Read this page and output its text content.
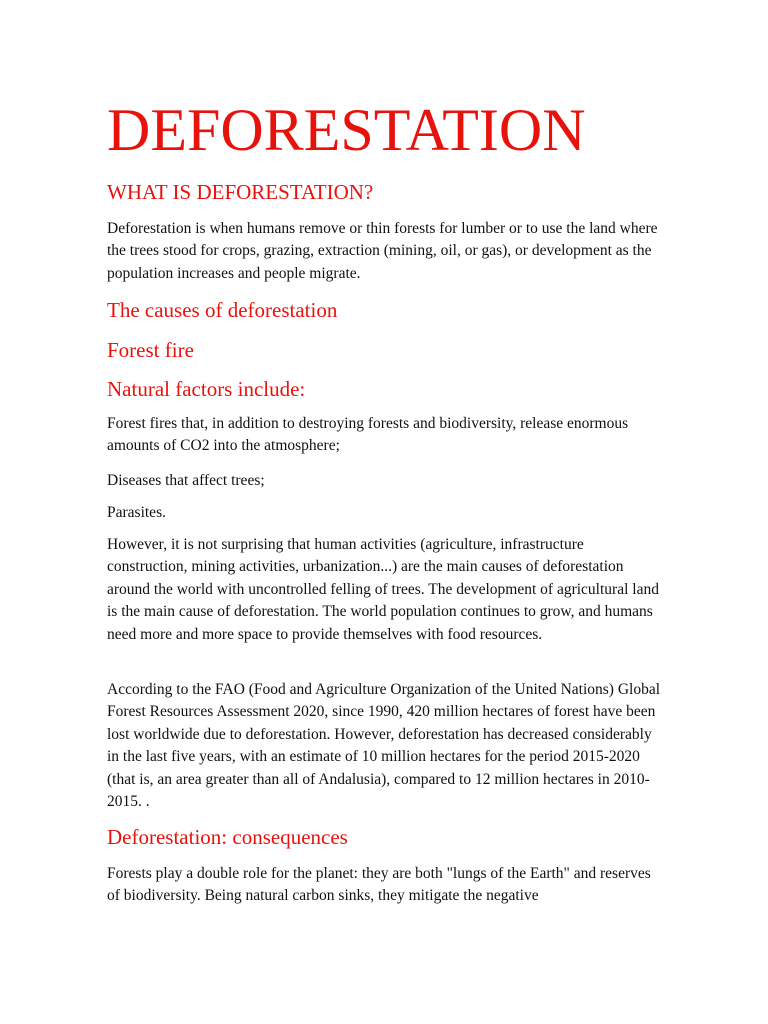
DEFORESTATION
WHAT IS DEFORESTATION?

Deforestation is when humans remove or thin forests for lumber or to use the land where the trees stood for crops, grazing, extraction (mining, oil, or gas), or development as the population increases and people migrate.

The causes of deforestation
Forest fire
Natural factors include:

Forest fires that, in addition to destroying forests and biodiversity, release enormous amounts of CO2 into the atmosphere;

Diseases that affect trees;

Parasites.

However, it is not surprising that human activities (agriculture, infrastructure construction, mining activities, urbanization...) are the main causes of deforestation around the world with uncontrolled felling of trees. The development of agricultural land is the main cause of deforestation. The world population continues to grow, and humans need more and more space to provide themselves with food resources.

According to the FAO (Food and Agriculture Organization of the United Nations) Global Forest Resources Assessment 2020, since 1990, 420 million hectares of forest have been lost worldwide due to deforestation. However, deforestation has decreased considerably in the last five years, with an estimate of 10 million hectares for the period 2015-2020 (that is, an area greater than all of Andalusia), compared to 12 million hectares in 2010-2015. .

Deforestation: consequences

Forests play a double role for the planet: they are both "lungs of the Earth" and reserves of biodiversity. Being natural carbon sinks, they mitigate the negative
